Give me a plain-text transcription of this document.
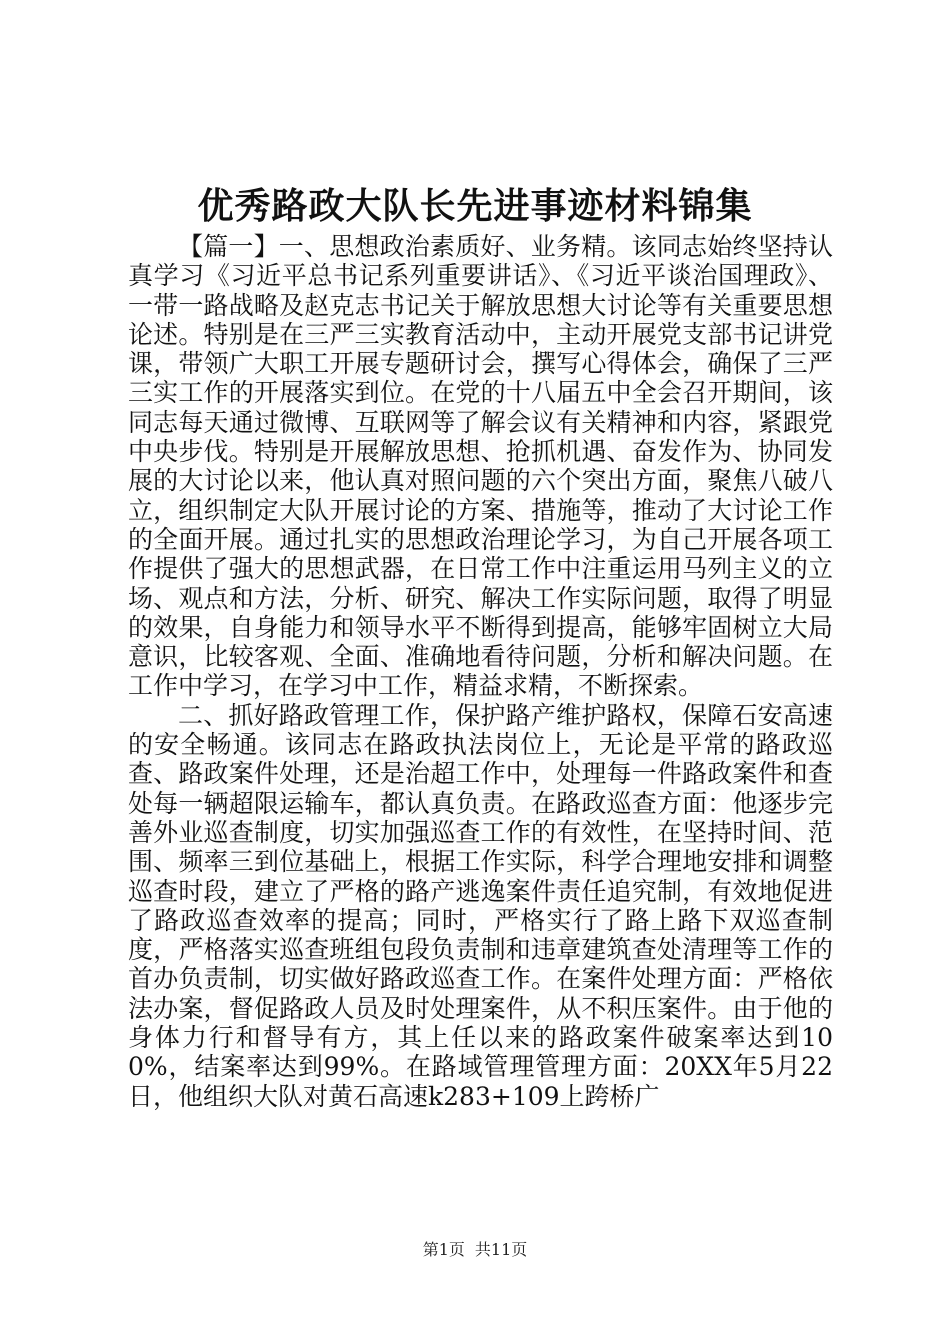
优秀路政大队长先进事迹材料锦集

【篇一】一、思想政治素质好、业务精。该同志始终坚持认真学习《习近平总书记系列重要讲话》、《习近平谈治国理政》、一带一路战略及赵克志书记关于解放思想大讨论等有关重要思想论述。特别是在三严三实教育活动中，主动开展党支部书记讲党课，带领广大职工开展专题研讨会，撰写心得体会，确保了三严三实工作的开展落实到位。在党的十八届五中全会召开期间，该同志每天通过微博、互联网等了解会议有关精神和内容，紧跟党中央步伐。特别是开展解放思想、抢抓机遇、奋发作为、协同发展的大讨论以来，他认真对照问题的六个突出方面，聚焦八破八立，组织制定大队开展讨论的方案、措施等，推动了大讨论工作的全面开展。通过扎实的思想政治理论学习，为自己开展各项工作提供了强大的思想武器，在日常工作中注重运用马列主义的立场、观点和方法，分析、研究、解决工作实际问题，取得了明显的效果，自身能力和领导水平不断得到提高，能够牢固树立大局意识，比较客观、全面、准确地看待问题，分析和解决问题。在工作中学习，在学习中工作，精益求精，不断探索。

二、抓好路政管理工作，保护路产维护路权，保障石安高速的安全畅通。该同志在路政执法岗位上，无论是平常的路政巡查、路政案件处理，还是治超工作中，处理每一件路政案件和查处每一辆超限运输车，都认真负责。在路政巡查方面：他逐步完善外业巡查制度，切实加强巡查工作的有效性，在坚持时间、范围、频率三到位基础上，根据工作实际，科学合理地安排和调整巡查时段，建立了严格的路产逃逸案件责任追究制，有效地促进了路政巡查效率的提高；同时，严格实行了路上路下双巡查制度，严格落实巡查班组包段负责制和违章建筑查处清理等工作的首办负责制，切实做好路政巡查工作。在案件处理方面：严格依法办案，督促路政人员及时处理案件，从不积压案件。由于他的身体力行和督导有方，其上任以来的路政案件破案率达到100%，结案率达到99%。在路域管理管理方面：20XX年5月22日，他组织大队对黄石高速k283+109上跨桥广

第1页 共11页
